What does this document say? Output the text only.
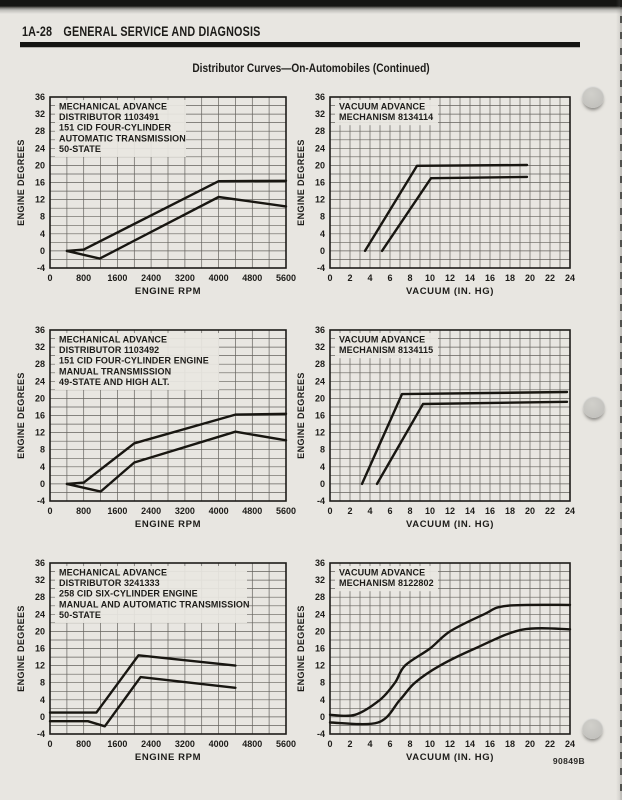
1A-28 GENERAL SERVICE AND DIAGNOSIS
Distributor Curves—On-Automobiles (Continued)
0	800 1600 2400 3200 4000 4800 5600
-4
0
4
8
12
16
20
24
28
32
36
ENGINE RPM
ENGINE DEGREES
MECHANICAL ADVANCE
DISTRIBUTOR 1103491
151 CID FOUR-CYLINDER
AUTOMATIC TRANSMISSION
50-STATE
0 2 4 6 8 10 12 14 16 18 20 22 24
-4
0
4
8
12
16
20
24
28
32
36
VACUUM (IN. HG)
ENGINE DEGREES
VACUUM ADVANCE
MECHANISM 8134114
0	800 1600 2400 3200 4000 4800 5600
-4
0
4
8
12
16
20
24
28
32
36
ENGINE RPM
ENGINE DEGREES
MECHANICAL ADVANCE
DISTRIBUTOR 1103492
151 CID FOUR-CYLINDER ENGINE
MANUAL TRANSMISSION
49-STATE AND HIGH ALT.
0 2 4 6 8 10 12 14 16 18 20 22 24
-4
0
4
8
12
16
20
24
28
32
36
VACUUM (IN. HG)
ENGINE DEGREES
VACUUM ADVANCE
MECHANISM 8134115
0	800 1600 2400 3200 4000 4800 5600
-4
0
4
8
12
16
20
24
28
32
36
ENGINE RPM
ENGINE DEGREES
MECHANICAL ADVANCE
DISTRIBUTOR 3241333
258 CID SIX-CYLINDER ENGINE
MANUAL AND AUTOMATIC TRANSMISSION
50-STATE
0 2 4 6 8 10 12 14 16 18 20 22 24
-4
0
4
8
12
16
20
24
28
32
36
VACUUM (IN. HG)
ENGINE DEGREES
VACUUM ADVANCE
MECHANISM 8122802
90849B
